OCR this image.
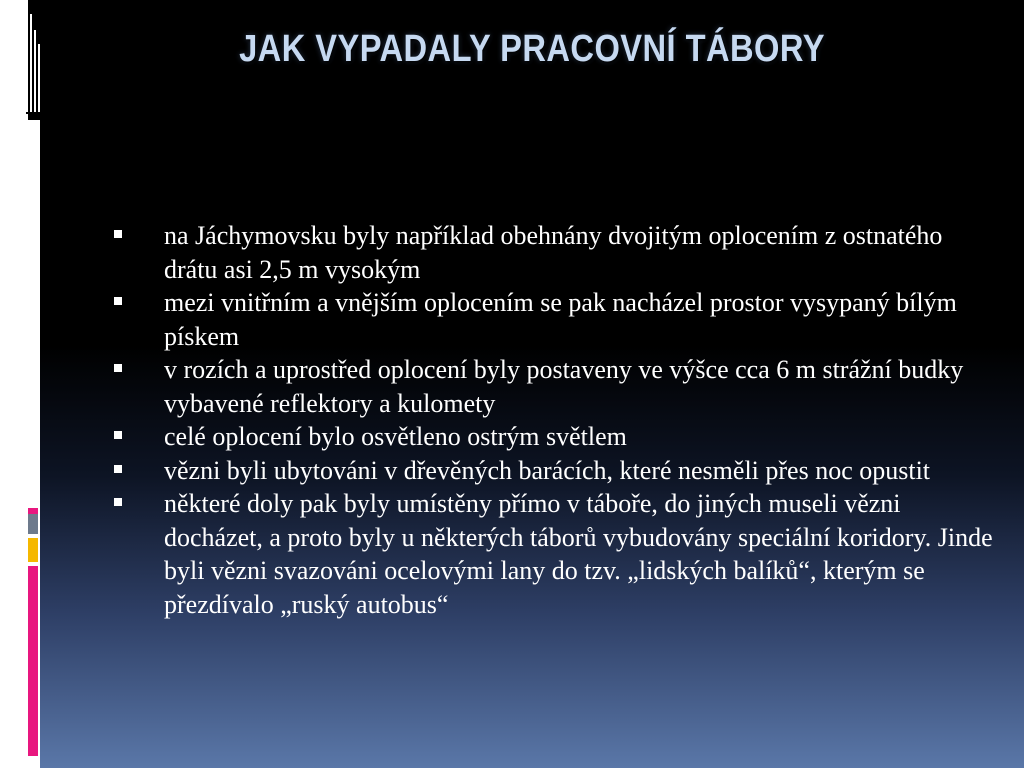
JAK VYPADALY PRACOVNÍ TÁBORY
na Jáchymovsku byly například obehnány dvojitým oplocením z ostnatého drátu asi 2,5 m vysokým
mezi vnitřním a vnějším oplocením se pak nacházel prostor vysypaný bílým pískem
v rozích a uprostřed oplocení byly postaveny ve výšce cca 6 m strážní budky vybavené reflektory a kulomety
celé oplocení bylo osvětleno ostrým světlem
vězni byli ubytováni v dřevěných barácích, které nesměli přes noc opustit
některé doly pak byly umístěny přímo v táboře, do jiných museli vězni docházet, a proto byly u některých táborů vybudovány speciální koridory. Jinde byli vězni svazováni ocelovými lany do tzv. „lidských balíků“, kterým se přezdívalo „ruský autobus“
